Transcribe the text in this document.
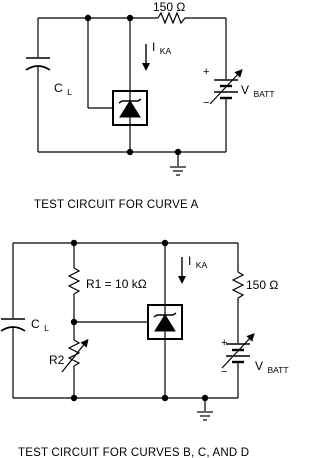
150 Ω
I KA
C L
+
−
V BATT
TEST CIRCUIT FOR CURVE A
R1 = 10 kΩ	150 Ω
R2
I KA
C L
+
− V BATT
TEST CIRCUIT FOR CURVES B, C, AND D
